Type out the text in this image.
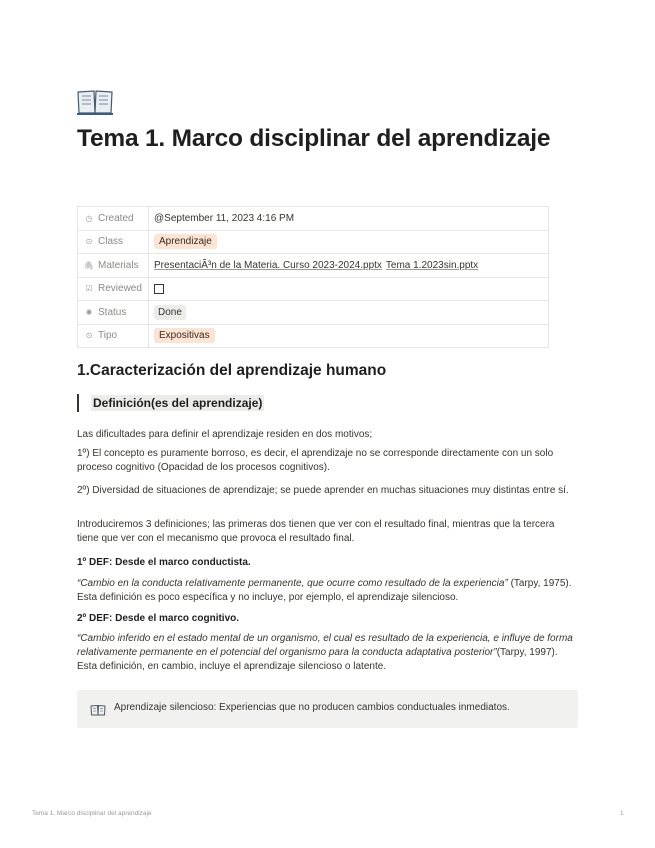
Tema 1. Marco disciplinar del aprendizaje
◷ Created	@September 11, 2023 4:16 PM
⊙ Class	Aprendizaje
🖇 Materials	PresentaciÃ³n de la Materia. Curso 2023-2024.pptx Tema 1.2023sin.pptx
☑ Reviewed	
✺ Status	Done
⊙ Tipo	Expositivas
1.Caracterización del aprendizaje humano
Definición(es del aprendizaje)

Las dificultades para definir el aprendizaje residen en dos motivos;

1º) El concepto es puramente borroso, es decir, el aprendizaje no se corresponde directamente con un solo proceso cognitivo (Opacidad de los procesos cognitivos).

2º) Diversidad de situaciones de aprendizaje; se puede aprender en muchas situaciones muy distintas entre sí.

Introduciremos 3 definiciones; las primeras dos tienen que ver con el resultado final, mientras que la tercera tiene que ver con el mecanismo que provoca el resultado final.

1º DEF: Desde el marco conductista.

“Cambio en la conducta relativamente permanente, que ocurre como resultado de la experiencia” (Tarpy, 1975). Esta definición es poco específica y no incluye, por ejemplo, el aprendizaje silencioso.

2º DEF: Desde el marco cognitivo.

“Cambio inferido en el estado mental de un organismo, el cual es resultado de la experiencia, e influye de forma relativamente permanente en el potencial del organismo para la conducta adaptativa posterior”(Tarpy, 1997). Esta definición, en cambio, incluye el aprendizaje silencioso o latente.

Aprendizaje silencioso: Experiencias que no producen cambios conductuales inmediatos.
Tema 1. Marco disciplinar del aprendizaje	1
